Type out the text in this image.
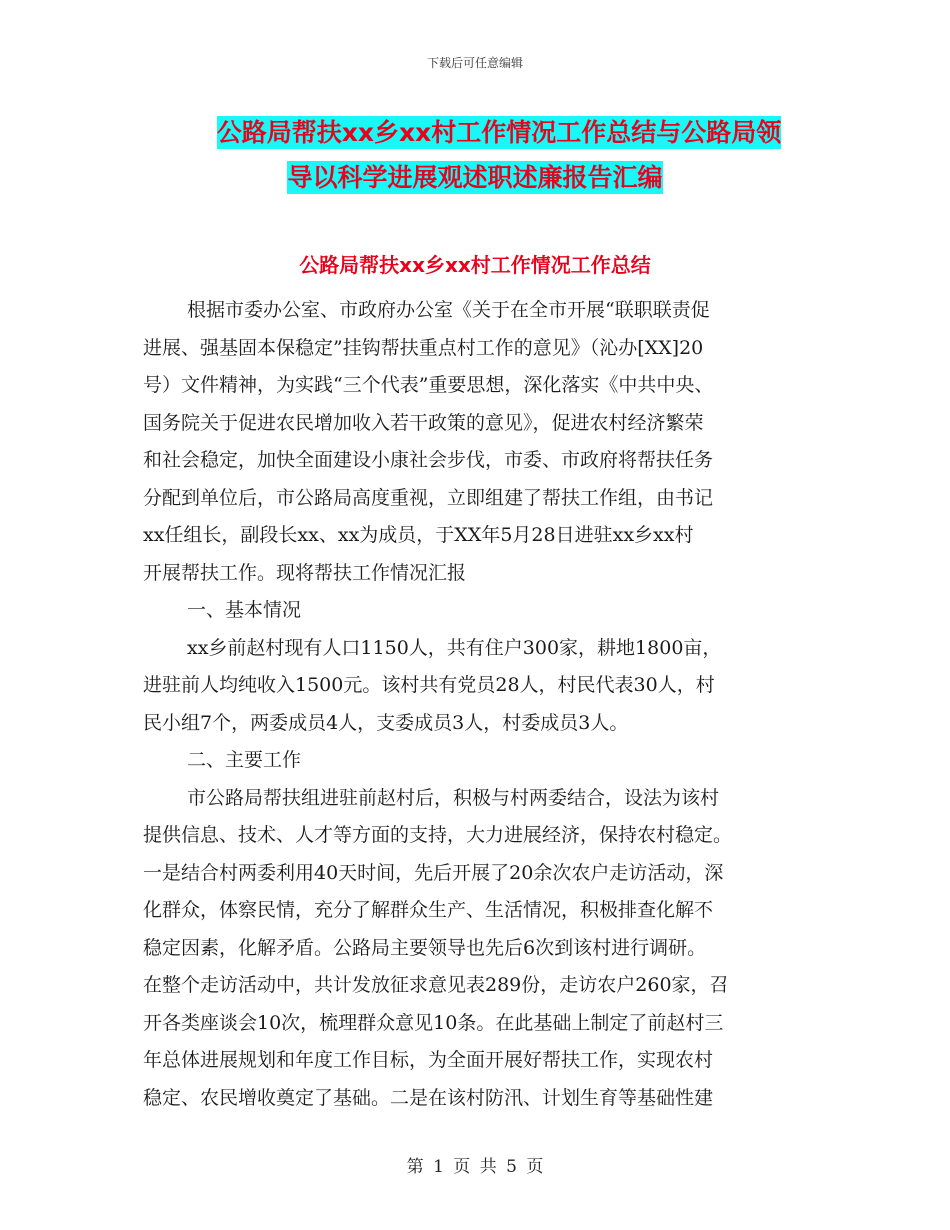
下载后可任意编辑
公路局帮扶xx乡xx村工作情况工作总结与公路局领
导以科学进展观述职述廉报告汇编
公路局帮扶xx乡xx村工作情况工作总结
根据市委办公室、市政府办公室《关于在全市开展“联职联责促
进展、强基固本保稳定”挂钩帮扶重点村工作的意见》（沁办[XX]20
号）文件精神，为实践“三个代表”重要思想，深化落实《中共中央、
国务院关于促进农民增加收入若干政策的意见》，促进农村经济繁荣
和社会稳定，加快全面建设小康社会步伐，市委、市政府将帮扶任务
分配到单位后，市公路局高度重视，立即组建了帮扶工作组，由书记
xx任组长，副段长xx、xx为成员，于XX年5月28日进驻xx乡xx村
开展帮扶工作。现将帮扶工作情况汇报
一、基本情况
xx乡前赵村现有人口1150人，共有住户300家，耕地1800亩，
进驻前人均纯收入1500元。该村共有党员28人，村民代表30人，村
民小组7个，两委成员4人，支委成员3人，村委成员3人。
二、主要工作
市公路局帮扶组进驻前赵村后，积极与村两委结合，设法为该村
提供信息、技术、人才等方面的支持，大力进展经济，保持农村稳定。
一是结合村两委利用40天时间，先后开展了20余次农户走访活动，深
化群众，体察民情，充分了解群众生产、生活情况，积极排查化解不
稳定因素，化解矛盾。公路局主要领导也先后6次到该村进行调研。
在整个走访活动中，共计发放征求意见表289份，走访农户260家，召
开各类座谈会10次，梳理群众意见10条。在此基础上制定了前赵村三
年总体进展规划和年度工作目标，为全面开展好帮扶工作，实现农村
稳定、农民增收奠定了基础。二是在该村防汛、计划生育等基础性建
第 1 页 共 5 页
